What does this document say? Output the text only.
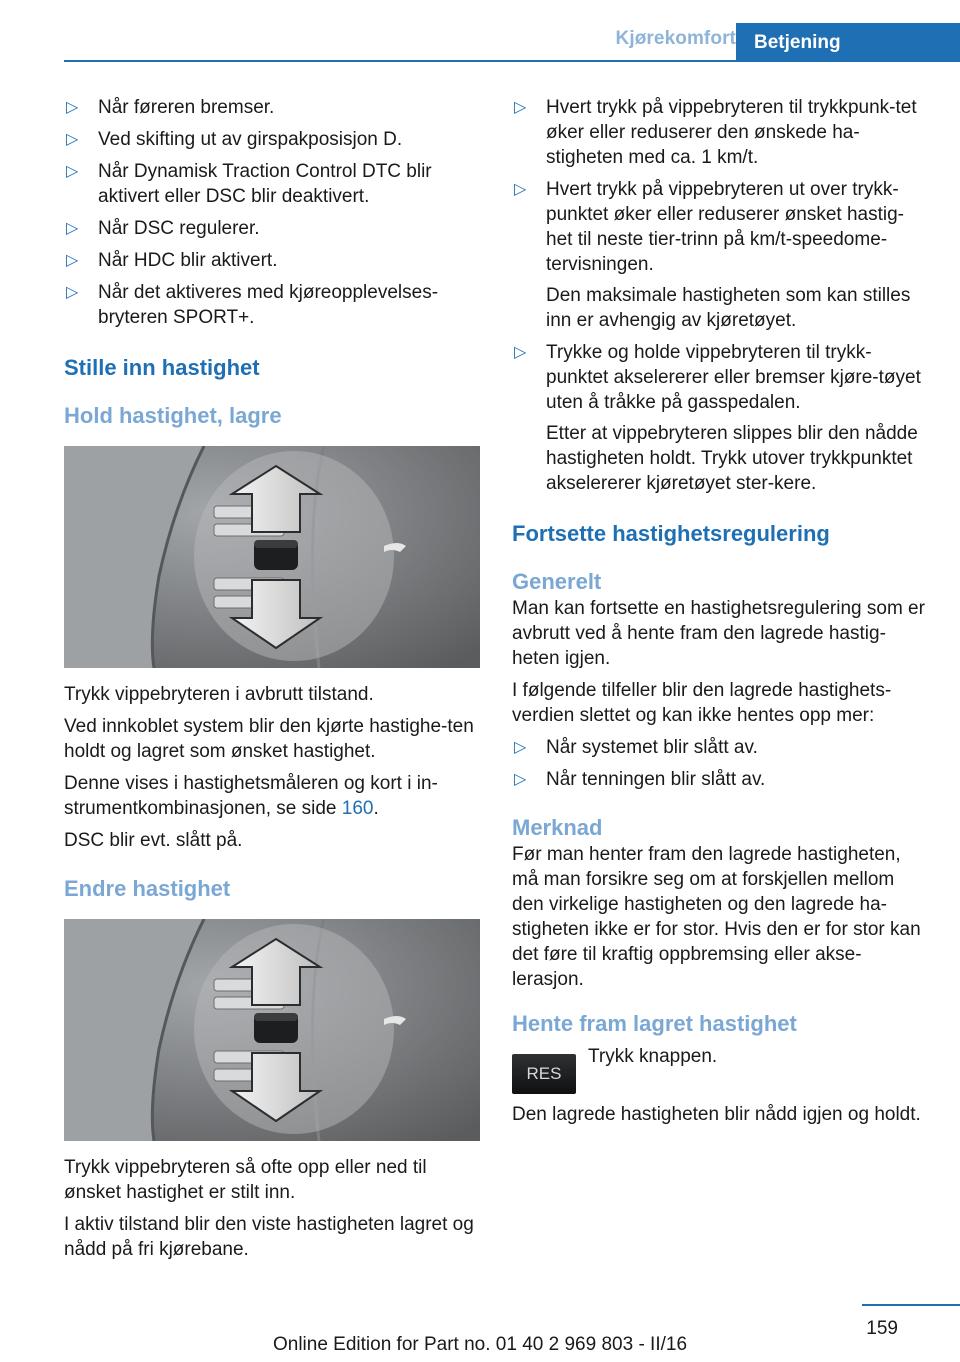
Kjørekomfort Betjening
▷ Når føreren bremser.
▷ Ved skifting ut av girspakposisjon D.
▷ Når Dynamisk Traction Control DTC blir aktivert eller DSC blir deaktivert.
▷ Når DSC regulerer.
▷ Når HDC blir aktivert.
▷ Når det aktiveres med kjøreopplevelses-bryteren SPORT+.
Stille inn hastighet
Hold hastighet, lagre
Trykk vippebryteren i avbrutt tilstand.
Ved innkoblet system blir den kjørte hastighe-ten holdt og lagret som ønsket hastighet.
Denne vises i hastighetsmåleren og kort i in-strumentkombinasjonen, se side 160.
DSC blir evt. slått på.
Endre hastighet
Trykk vippebryteren så ofte opp eller ned til ønsket hastighet er stilt inn.
I aktiv tilstand blir den viste hastigheten lagret og nådd på fri kjørebane.
▷ Hvert trykk på vippebryteren til trykkpunk-tet øker eller reduserer den ønskede ha-stigheten med ca. 1 km/t.
▷ Hvert trykk på vippebryteren ut over trykk-punktet øker eller reduserer ønsket hastig-het til neste tier-trinn på km/t-speedome-tervisningen.
Den maksimale hastigheten som kan stilles inn er avhengig av kjøretøyet.
▷ Trykke og holde vippebryteren til trykk-punktet akselererer eller bremser kjøre-tøyet uten å tråkke på gasspedalen.
Etter at vippebryteren slippes blir den nådde hastigheten holdt. Trykk utover trykkpunktet akselererer kjøretøyet ster-kere.
Fortsette hastighetsregulering
Generelt
Man kan fortsette en hastighetsregulering som er avbrutt ved å hente fram den lagrede hastig-heten igjen.
I følgende tilfeller blir den lagrede hastighets-verdien slettet og kan ikke hentes opp mer:
▷ Når systemet blir slått av.
▷ Når tenningen blir slått av.
Merknad
Før man henter fram den lagrede hastigheten, må man forsikre seg om at forskjellen mellom den virkelige hastigheten og den lagrede ha-stigheten ikke er for stor. Hvis den er for stor kan det føre til kraftig oppbremsing eller akse-lerasjon.
Hente fram lagret hastighet
RES
Trykk knappen.
Den lagrede hastigheten blir nådd igjen og holdt.
159
Online Edition for Part no. 01 40 2 969 803 - II/16
